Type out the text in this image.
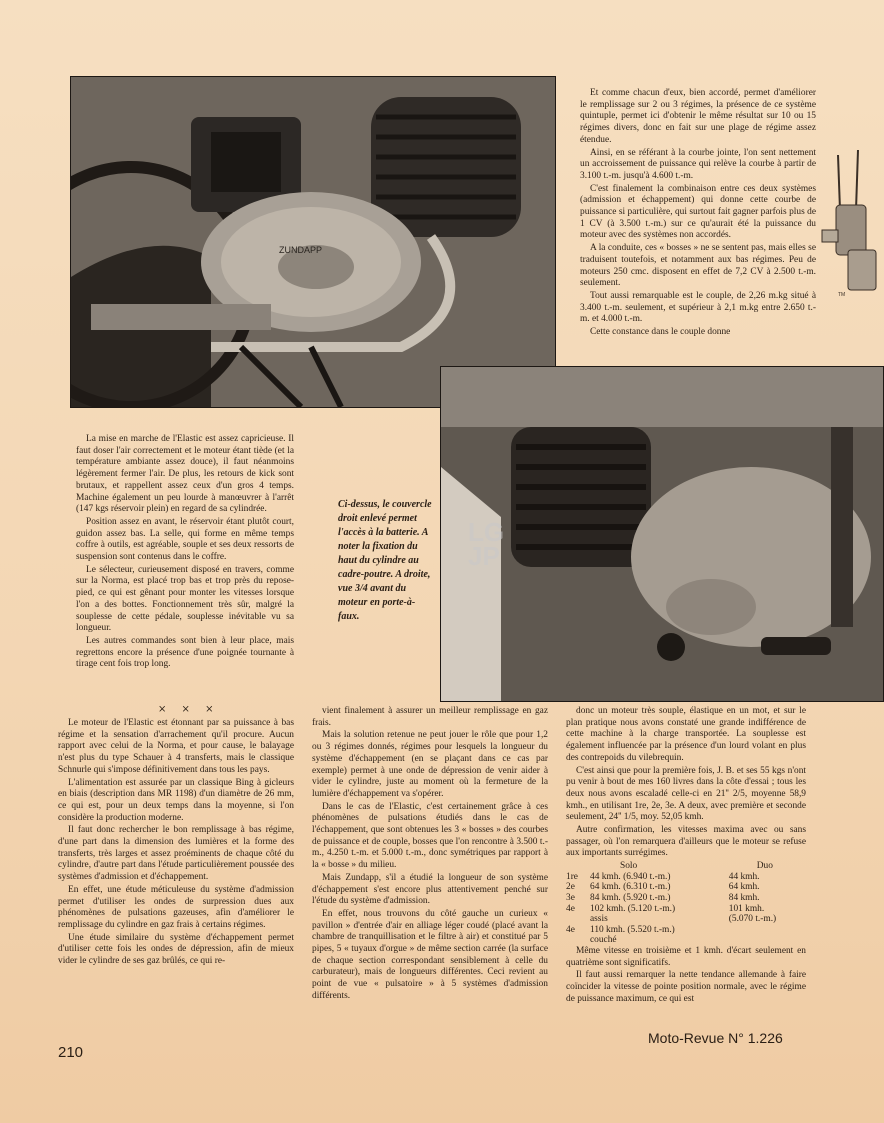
ZUNDAPP
TM

Et comme chacun d'eux, bien accordé, permet d'améliorer le remplissage sur 2 ou 3 régimes, la présence de ce système quintuple, permet ici d'obtenir le même résultat sur 10 ou 15 régimes divers, donc en fait sur une plage de régime assez étendue.

Ainsi, en se référant à la courbe jointe, l'on sent nettement un accroissement de puissance qui relève la courbe à partir de 3.100 t.-m. jusqu'à 4.600 t.-m.

C'est finalement la combinaison entre ces deux systèmes (admission et échappement) qui donne cette courbe de puissance si particulière, qui surtout fait gagner parfois plus de 1 CV (à 3.500 t.-m.) sur ce qu'aurait été la puissance du moteur avec des systèmes non accordés.

A la conduite, ces « bosses » ne se sentent pas, mais elles se traduisent toutefois, et notamment aux bas régimes. Peu de moteurs 250 cmc. disposent en effet de 7,2 CV à 2.500 t.-m. seulement.

Tout aussi remarquable est le couple, de 2,26 m.kg situé à 3.400 t.-m. seulement, et supérieur à 2,1 m.kg entre 2.650 t.-m. et 4.000 t.-m.

Cette constance dans le couple donne

La mise en marche de l'Elastic est assez capricieuse. Il faut doser l'air correctement et le moteur étant tiède (et la température ambiante assez douce), il faut néanmoins légèrement fermer l'air. De plus, les retours de kick sont brutaux, et rappellent assez ceux d'un gros 4 temps. Machine également un peu lourde à manœuvrer à l'arrêt (147 kgs réservoir plein) en regard de sa cylindrée.

Position assez en avant, le réservoir étant plutôt court, guidon assez bas. La selle, qui forme en même temps coffre à outils, est agréable, souple et ses deux ressorts de suspension sont contenus dans le coffre.

Le sélecteur, curieusement disposé en travers, comme sur la Norma, est placé trop bas et trop près du repose-pied, ce qui est gênant pour monter les vitesses lorsque l'on a des bottes. Fonctionnement très sûr, malgré la souplesse de cette pédale, souplesse inévitable vu sa longueur.

Les autres commandes sont bien à leur place, mais regrettons encore la présence d'une poignée tournante à tirage cent fois trop long.

Ci-dessus, le couvercle droit enlevé permet l'accès à la batterie. A noter la fixation du haut du cylindre au cadre-poutre. A droite, vue 3/4 avant du moteur en porte-à-faux.
LG
JP
× × ×

Le moteur de l'Elastic est étonnant par sa puissance à bas régime et la sensation d'arrachement qu'il procure. Aucun rapport avec celui de la Norma, et pour cause, le balayage n'est plus du type Schauer à 4 transferts, mais le classique Schnurle qui s'impose définitivement dans tous les pays.

L'alimentation est assurée par un classique Bing à gicleurs en biais (description dans MR 1198) d'un diamètre de 26 mm, ce qui est, pour un deux temps dans la moyenne, si l'on considère la production moderne.

Il faut donc rechercher le bon remplissage à bas régime, d'une part dans la dimension des lumières et la forme des transferts, très larges et assez proéminents de chaque côté du cylindre, d'autre part dans l'étude particulièrement poussée des systèmes d'admission et d'échappement.

En effet, une étude méticuleuse du système d'admission permet d'utiliser les ondes de surpression dues aux phénomènes de pulsations gazeuses, afin d'améliorer le remplissage du cylindre en gaz frais à certains régimes.

Une étude similaire du système d'échappement permet d'utiliser cette fois les ondes de dépression, afin de mieux vider le cylindre de ses gaz brûlés, ce qui re-

vient finalement à assurer un meilleur remplissage en gaz frais.

Mais la solution retenue ne peut jouer le rôle que pour 1,2 ou 3 régimes donnés, régimes pour lesquels la longueur du système d'échappement (en se plaçant dans ce cas par exemple) permet à une onde de dépression de venir aider à vider le cylindre, juste au moment où la fermeture de la lumière d'échappement va s'opérer.

Dans le cas de l'Elastic, c'est certainement grâce à ces phénomènes de pulsations étudiés dans le cas de l'échappement, que sont obtenues les 3 « bosses » des courbes de puissance et de couple, bosses que l'on rencontre à 3.500 t.-m., 4.250 t.-m. et 5.000 t.-m., donc symétriques par rapport à la « bosse » du milieu.

Mais Zundapp, s'il a étudié la longueur de son système d'échappement s'est encore plus attentivement penché sur l'étude du système d'admission.

En effet, nous trouvons du côté gauche un curieux « pavillon » d'entrée d'air en alliage léger coudé (placé avant la chambre de tranquillisation et le filtre à air) et constitué par 5 pipes, 5 « tuyaux d'orgue » de même section carrée (la surface de chaque section correspondant sensiblement à celle du carburateur), mais de longueurs différentes. Ceci revient au point de vue « pulsatoire » à 5 systèmes d'admission différents.

donc un moteur très souple, élastique en un mot, et sur le plan pratique nous avons constaté une grande indifférence de cette machine à la charge transportée. La souplesse est également influencée par la présence d'un lourd volant en plus des contrepoids du vilebrequin.

C'est ainsi que pour la première fois, J. B. et ses 55 kgs n'ont pu venir à bout de mes 160 livres dans la côte d'essai ; tous les deux nous avons escaladé celle-ci en 21'' 2/5, moyenne 58,9 kmh., en utilisant 1re, 2e, 3e. A deux, avec première et seconde seulement, 24'' 1/5, moy. 52,05 kmh.

Autre confirmation, les vitesses maxima avec ou sans passager, où l'on remarquera d'ailleurs que le moteur se refuse aux importants surrégimes.

	Solo	Duo
1re	44 kmh. (6.940 t.-m.)	44 kmh.
2e	64 kmh. (6.310 t.-m.)	64 kmh.
3e	84 kmh. (5.920 t.-m.)	84 kmh.
4e	102 kmh. (5.120 t.-m.)	101 kmh.
	assis	(5.070 t.-m.)
4e	110 kmh. (5.520 t.-m.)	
	couché	

Même vitesse en troisième et 1 kmh. d'écart seulement en quatrième sont significatifs.

Il faut aussi remarquer la nette tendance allemande à faire coïncider la vitesse de pointe position normale, avec le régime de puissance maximum, ce qui est

210
Moto-Revue N° 1.226
